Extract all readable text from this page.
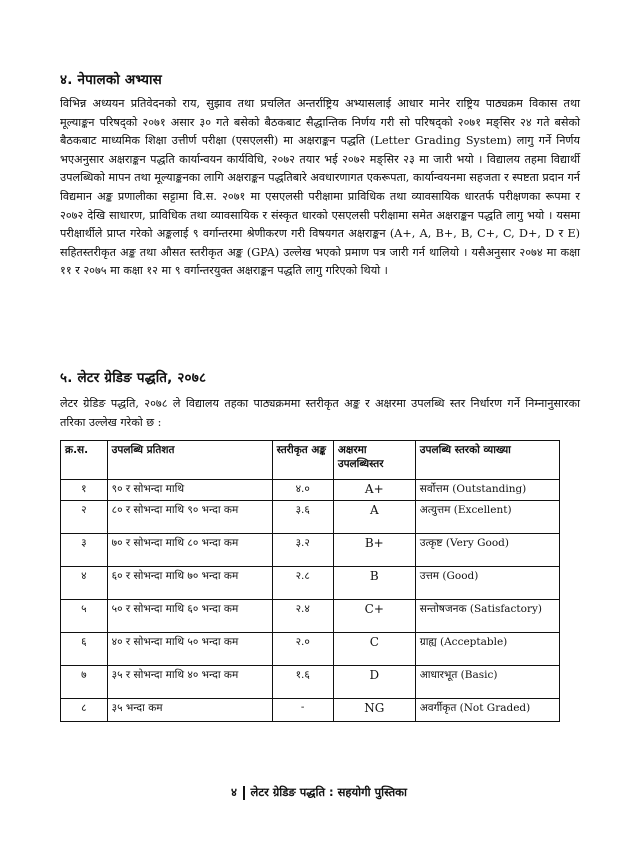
४. नेपालको अभ्यास
विभिन्न अध्ययन प्रतिवेदनको राय, सुझाव तथा प्रचलित अन्तर्राष्ट्रिय अभ्यासलाई आधार मानेर राष्ट्रिय पाठ्यक्रम विकास तथा मूल्याङ्कन परिषद्को २०७१ असार ३० गते बसेको बैठकबाट सैद्धान्तिक निर्णय गरी सो परिषद्को २०७१ मङ्सिर २४ गते बसेको बैठकबाट माध्यमिक शिक्षा उत्तीर्ण परीक्षा (एसएलसी) मा अक्षराङ्कन पद्धति (Letter Grading System) लागु गर्ने निर्णय भएअनुसार अक्षराङ्कन पद्धति कार्यान्वयन कार्यविधि, २०७२ तयार भई २०७२ मङ्सिर २३ मा जारी भयो । विद्यालय तहमा विद्यार्थी उपलब्धिको मापन तथा मूल्याङ्कनका लागि अक्षराङ्कन पद्धतिबारे अवधारणागत एकरूपता, कार्यान्वयनमा सहजता र स्पष्टता प्रदान गर्न विद्यमान अङ्क प्रणालीका सट्टामा वि.स. २०७१ मा एसएलसी परीक्षामा प्राविधिक तथा व्यावसायिक धारतर्फ परीक्षणका रूपमा र २०७२ देखि साधारण, प्राविधिक तथा व्यावसायिक र संस्कृत धारको एसएलसी परीक्षामा समेत अक्षराङ्कन पद्धति लागु भयो । यसमा परीक्षार्थीले प्राप्त गरेको अङ्कलाई ९ वर्गान्तरमा श्रेणीकरण गरी विषयगत अक्षराङ्कन (A+, A, B+, B, C+, C, D+, D र E) सहितस्तरीकृत अङ्क तथा औसत स्तरीकृत अङ्क (GPA) उल्लेख भएको प्रमाण पत्र जारी गर्न थालियो । यसैअनुसार २०७४ मा कक्षा ११ र २०७५ मा कक्षा १२ मा ९ वर्गान्तरयुक्त अक्षराङ्कन पद्धति लागु गरिएको थियो ।
५. लेटर ग्रेडिङ पद्धति, २०७८
लेटर ग्रेडिङ पद्धति, २०७८ ले विद्यालय तहका पाठ्यक्रममा स्तरीकृत अङ्क र अक्षरमा उपलब्धि स्तर निर्धारण गर्ने निम्नानुसारका तरिका उल्लेख गरेको छ :
क्र.स.	उपलब्धि प्रतिशत	स्तरीकृत अङ्क	अक्षरमा उपलब्धिस्तर	उपलब्धि स्तरको व्याख्या
१	९० र सोभन्दा माथि	४.०	A+	सर्वोत्तम (Outstanding)
२	८० र सोभन्दा माथि ९० भन्दा कम	३.६	A	अत्युत्तम (Excellent)
३	७० र सोभन्दा माथि ८० भन्दा कम	३.२	B+	उत्कृष्ट (Very Good)
४	६० र सोभन्दा माथि ७० भन्दा कम	२.८	B	उत्तम (Good)
५	५० र सोभन्दा माथि ६० भन्दा कम	२.४	C+	सन्तोषजनक (Satisfactory)
६	४० र सोभन्दा माथि ५० भन्दा कम	२.०	C	ग्राह्य (Acceptable)
७	३५ र सोभन्दा माथि ४० भन्दा कम	१.६	D	आधारभूत (Basic)
८	३५ भन्दा कम	-	NG	अवर्गीकृत (Not Graded)
४ लेटर ग्रेडिङ पद्धति : सहयोगी पुस्तिका
